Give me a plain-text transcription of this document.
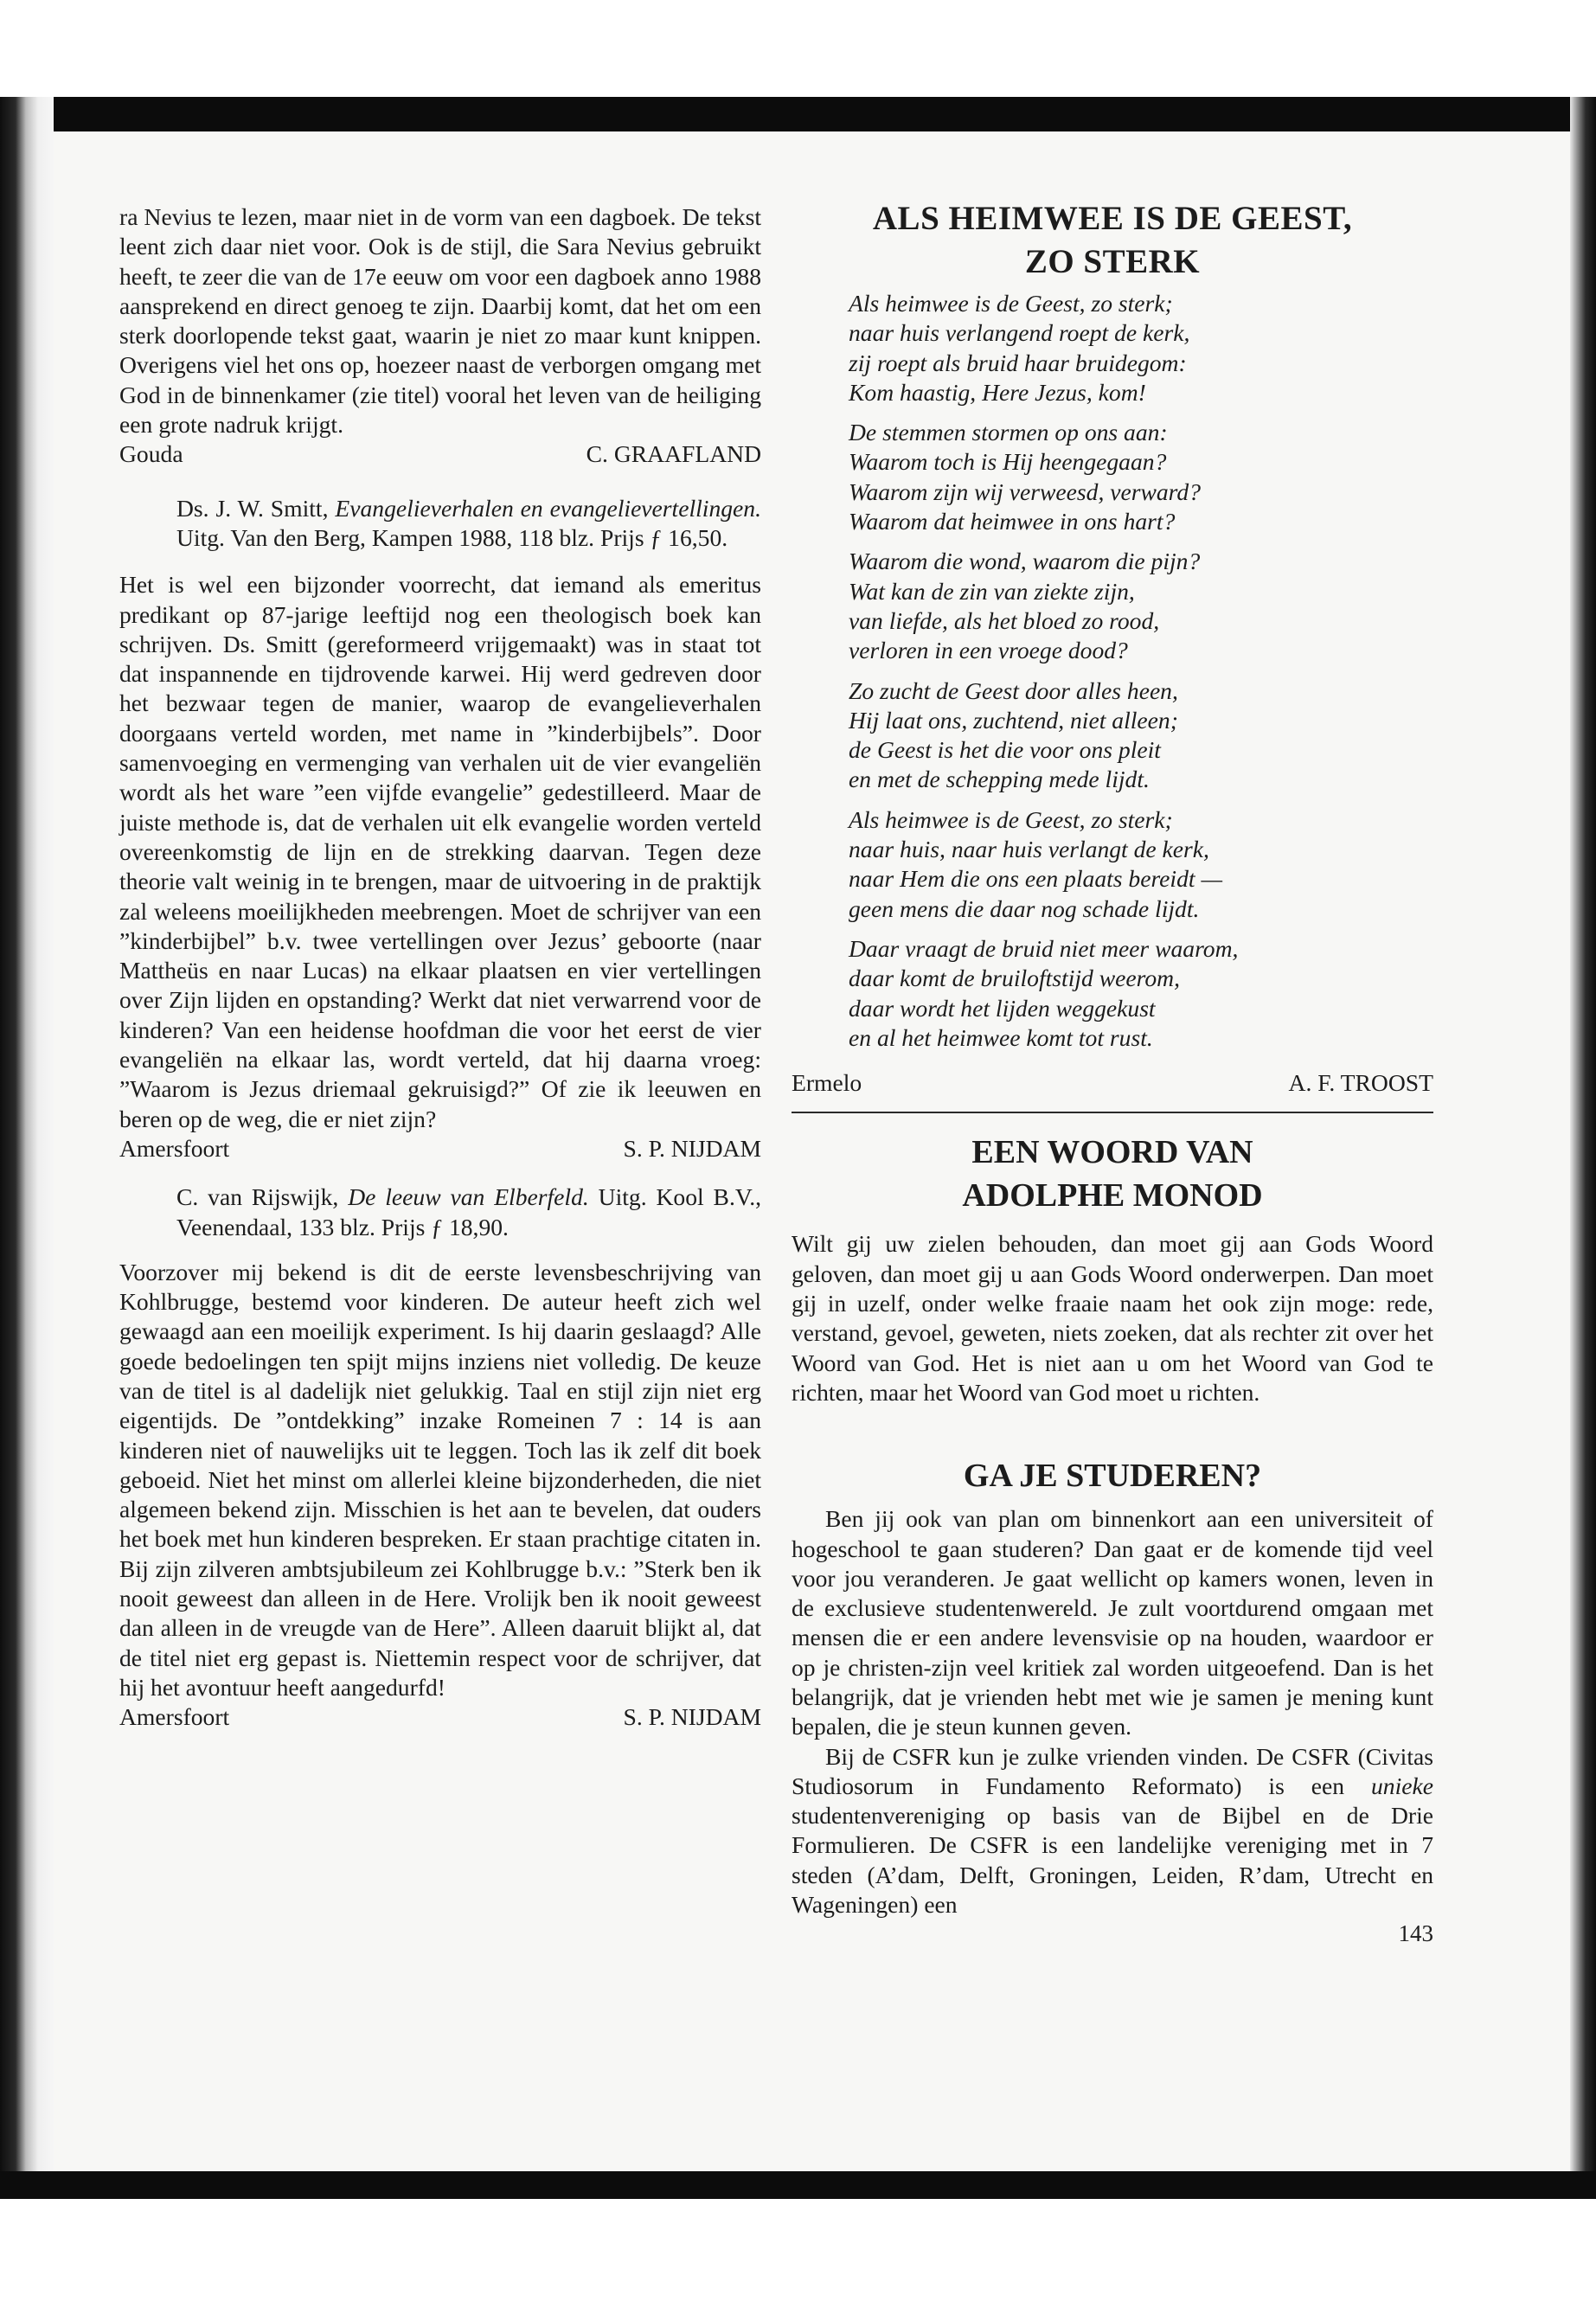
ra Nevius te lezen, maar niet in de vorm van een dagboek. De tekst leent zich daar niet voor. Ook is de stijl, die Sara Nevius gebruikt heeft, te zeer die van de 17e eeuw om voor een dagboek anno 1988 aansprekend en direct genoeg te zijn. Daarbij komt, dat het om een sterk doorlopende tekst gaat, waarin je niet zo maar kunt knippen. Overigens viel het ons op, hoezeer naast de verborgen omgang met God in de binnenkamer (zie titel) vooral het leven van de heiliging een grote nadruk krijgt.

Gouda	C. GRAAFLAND

Ds. J. W. Smitt, Evangelieverhalen en evangelievertellingen. Uitg. Van den Berg, Kampen 1988, 118 blz. Prijs ƒ 16,50.

Het is wel een bijzonder voorrecht, dat iemand als emeritus predikant op 87-jarige leeftijd nog een theologisch boek kan schrijven. Ds. Smitt (gereformeerd vrijgemaakt) was in staat tot dat inspannende en tijdrovende karwei. Hij werd gedreven door het bezwaar tegen de manier, waarop de evangelieverhalen doorgaans verteld worden, met name in ”kinderbijbels”. Door samenvoeging en vermenging van verhalen uit de vier evangeliën wordt als het ware ”een vijfde evangelie” gedestilleerd. Maar de juiste methode is, dat de verhalen uit elk evangelie worden verteld overeenkomstig de lijn en de strekking daarvan. Tegen deze theorie valt weinig in te brengen, maar de uitvoering in de praktijk zal weleens moeilijkheden meebrengen. Moet de schrijver van een ”kinderbijbel” b.v. twee vertellingen over Jezus’ geboorte (naar Mattheüs en naar Lucas) na elkaar plaatsen en vier vertellingen over Zijn lijden en opstanding? Werkt dat niet verwarrend voor de kinderen? Van een heidense hoofdman die voor het eerst de vier evangeliën na elkaar las, wordt verteld, dat hij daarna vroeg: ”Waarom is Jezus driemaal gekruisigd?” Of zie ik leeuwen en beren op de weg, die er niet zijn?

Amersfoort	S. P. NIJDAM

C. van Rijswijk, De leeuw van Elberfeld. Uitg. Kool B.V., Veenendaal, 133 blz. Prijs ƒ 18,90.

Voorzover mij bekend is dit de eerste levensbeschrijving van Kohlbrugge, bestemd voor kinderen. De auteur heeft zich wel gewaagd aan een moeilijk experiment. Is hij daarin geslaagd? Alle goede bedoelingen ten spijt mijns inziens niet volledig. De keuze van de titel is al dadelijk niet gelukkig. Taal en stijl zijn niet erg eigentijds. De ”ontdekking” inzake Romeinen 7 : 14 is aan kinderen niet of nauwelijks uit te leggen. Toch las ik zelf dit boek geboeid. Niet het minst om allerlei kleine bijzonderheden, die niet algemeen bekend zijn. Misschien is het aan te bevelen, dat ouders het boek met hun kinderen bespreken. Er staan prachtige citaten in. Bij zijn zilveren ambtsjubileum zei Kohlbrugge b.v.: ”Sterk ben ik nooit geweest dan alleen in de Here. Vrolijk ben ik nooit geweest dan alleen in de vreugde van de Here”. Alleen daaruit blijkt al, dat de titel niet erg gepast is. Niettemin respect voor de schrijver, dat hij het avontuur heeft aangedurfd!

Amersfoort	S. P. NIJDAM
ALS HEIMWEE IS DE GEEST,
ZO STERK
Als heimwee is de Geest, zo sterk;
naar huis verlangend roept de kerk,
zij roept als bruid haar bruidegom:
Kom haastig, Here Jezus, kom!
De stemmen stormen op ons aan:
Waarom toch is Hij heengegaan?
Waarom zijn wij verweesd, verward?
Waarom dat heimwee in ons hart?
Waarom die wond, waarom die pijn?
Wat kan de zin van ziekte zijn,
van liefde, als het bloed zo rood,
verloren in een vroege dood?
Zo zucht de Geest door alles heen,
Hij laat ons, zuchtend, niet alleen;
de Geest is het die voor ons pleit
en met de schepping mede lijdt.
Als heimwee is de Geest, zo sterk;
naar huis, naar huis verlangt de kerk,
naar Hem die ons een plaats bereidt —
geen mens die daar nog schade lijdt.
Daar vraagt de bruid niet meer waarom,
daar komt de bruiloftstijd weerom,
daar wordt het lijden weggekust
en al het heimwee komt tot rust.
Ermelo	A. F. TROOST
EEN WOORD VAN
ADOLPHE MONOD

Wilt gij uw zielen behouden, dan moet gij aan Gods Woord geloven, dan moet gij u aan Gods Woord onderwerpen. Dan moet gij in uzelf, onder welke fraaie naam het ook zijn moge: rede, verstand, gevoel, geweten, niets zoeken, dat als rechter zit over het Woord van God. Het is niet aan u om het Woord van God te richten, maar het Woord van God moet u richten.

GA JE STUDEREN?

Ben jij ook van plan om binnenkort aan een universiteit of hogeschool te gaan studeren? Dan gaat er de komende tijd veel voor jou veranderen. Je gaat wellicht op kamers wonen, leven in de exclusieve studentenwereld. Je zult voortdurend omgaan met mensen die er een andere levensvisie op na houden, waardoor er op je christen-zijn veel kritiek zal worden uitgeoefend. Dan is het belangrijk, dat je vrienden hebt met wie je samen je mening kunt bepalen, die je steun kunnen geven.

Bij de CSFR kun je zulke vrienden vinden. De CSFR (Civitas Studiosorum in Fundamento Reformato) is een unieke studentenvereniging op basis van de Bijbel en de Drie Formulieren. De CSFR is een landelijke vereniging met in 7 steden (A’dam, Delft, Groningen, Leiden, R’dam, Utrecht en Wageningen) een

143
